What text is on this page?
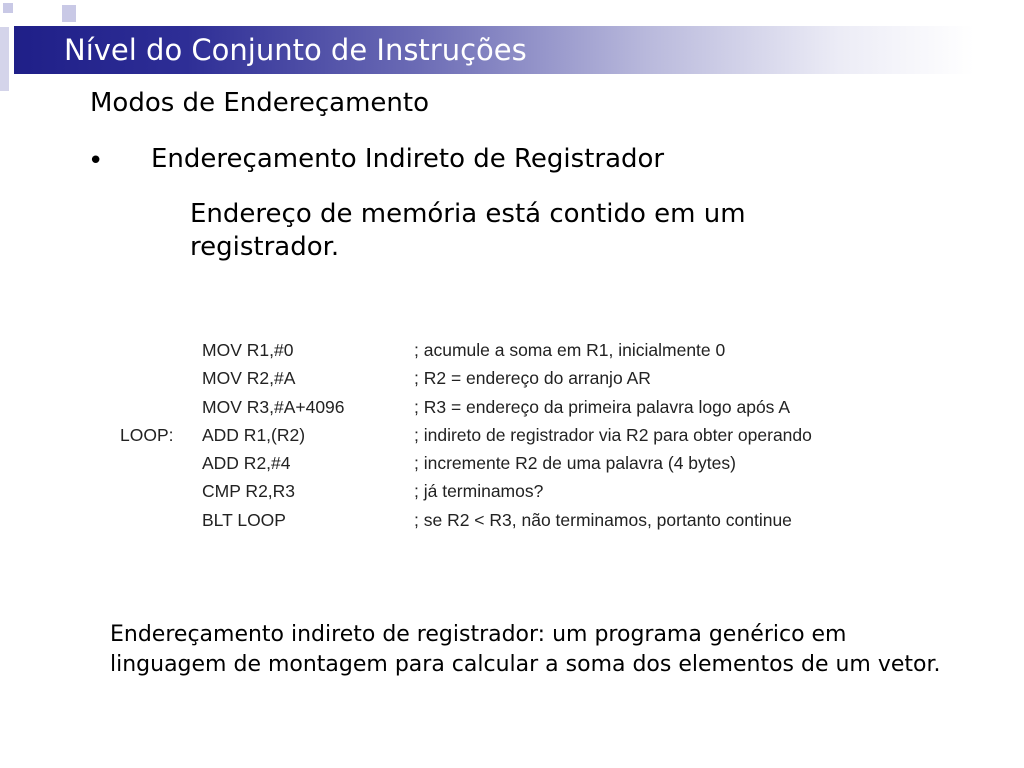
Nível do Conjunto de Instruções
Modos de Endereçamento
• Endereçamento Indireto de Registrador

Endereço de memória está contido em um registrador.

MOV R1,#0	; acumule a soma em R1, inicialmente 0
MOV R2,#A	; R2 = endereço do arranjo AR
MOV R3,#A+4096	; R3 = endereço da primeira palavra logo após A
LOOP: ADD R1,(R2)	; indireto de registrador via R2 para obter operando
ADD R2,#4	; incremente R2 de uma palavra (4 bytes)
CMP R2,R3	; já terminamos?
BLT LOOP	; se R2 < R3, não terminamos, portanto continue

Endereçamento indireto de registrador: um programa genérico em linguagem de montagem para calcular a soma dos elementos de um vetor.
